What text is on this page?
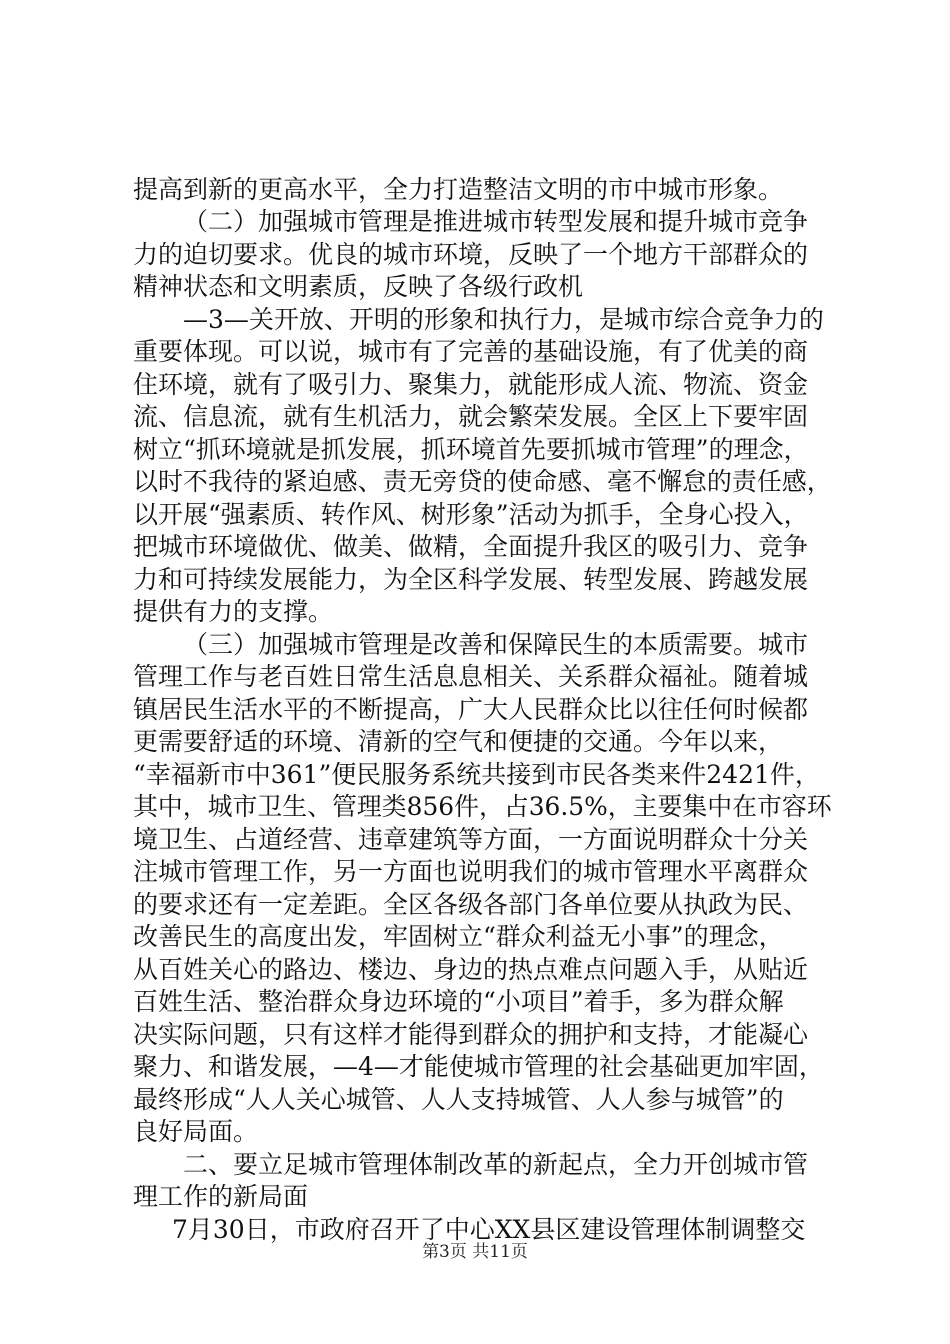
提高到新的更高水平，全力打造整洁文明的市中城市形象。
（二）加强城市管理是推进城市转型发展和提升城市竞争
力的迫切要求。优良的城市环境，反映了一个地方干部群众的
精神状态和文明素质，反映了各级行政机
—3—关开放、开明的形象和执行力，是城市综合竞争力的
重要体现。可以说，城市有了完善的基础设施，有了优美的商
住环境，就有了吸引力、聚集力，就能形成人流、物流、资金
流、信息流，就有生机活力，就会繁荣发展。全区上下要牢固
树立“抓环境就是抓发展，抓环境首先要抓城市管理”的理念，
以时不我待的紧迫感、责无旁贷的使命感、毫不懈怠的责任感，
以开展“强素质、转作风、树形象”活动为抓手，全身心投入，
把城市环境做优、做美、做精，全面提升我区的吸引力、竞争
力和可持续发展能力，为全区科学发展、转型发展、跨越发展
提供有力的支撑。
（三）加强城市管理是改善和保障民生的本质需要。城市
管理工作与老百姓日常生活息息相关、关系群众福祉。随着城
镇居民生活水平的不断提高，广大人民群众比以往任何时候都
更需要舒适的环境、清新的空气和便捷的交通。今年以来，
“幸福新市中361”便民服务系统共接到市民各类来件2421件，
其中，城市卫生、管理类856件，占36.5%，主要集中在市容环
境卫生、占道经营、违章建筑等方面，一方面说明群众十分关
注城市管理工作，另一方面也说明我们的城市管理水平离群众
的要求还有一定差距。全区各级各部门各单位要从执政为民、
改善民生的高度出发，牢固树立“群众利益无小事”的理念，
从百姓关心的路边、楼边、身边的热点难点问题入手，从贴近
百姓生活、整治群众身边环境的“小项目”着手，多为群众解
决实际问题，只有这样才能得到群众的拥护和支持，才能凝心
聚力、和谐发展，—4—才能使城市管理的社会基础更加牢固，
最终形成“人人关心城管、人人支持城管、人人参与城管”的
良好局面。
二、要立足城市管理体制改革的新起点，全力开创城市管
理工作的新局面
7月30日，市政府召开了中心XX县区建设管理体制调整交
第3页 共11页
